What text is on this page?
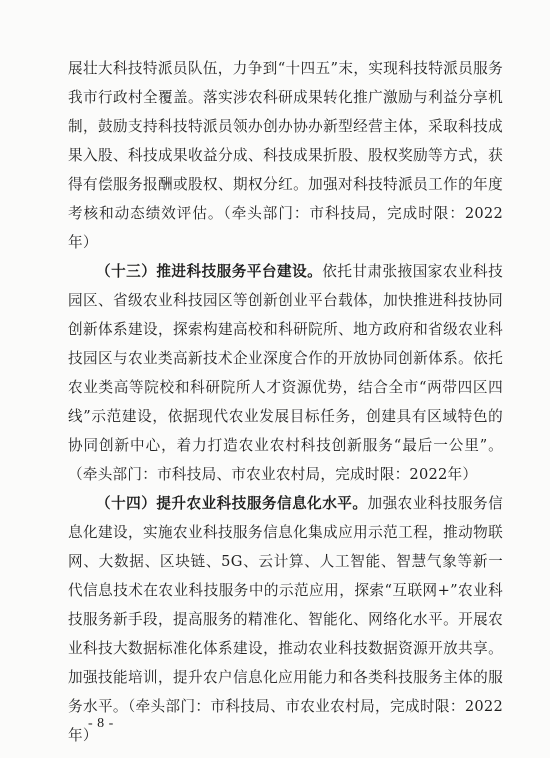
展壮大科技特派员队伍，力争到“十四五”末，实现科技特派员服务我市行政村全覆盖。落实涉农科研成果转化推广激励与利益分享机制，鼓励支持科技特派员领办创办协办新型经营主体，采取科技成果入股、科技成果收益分成、科技成果折股、股权奖励等方式，获得有偿服务报酬或股权、期权分红。加强对科技特派员工作的年度考核和动态绩效评估。（牵头部门：市科技局，完成时限：2022年）

（十三）推进科技服务平台建设。依托甘肃张掖国家农业科技园区、省级农业科技园区等创新创业平台载体，加快推进科技协同创新体系建设，探索构建高校和科研院所、地方政府和省级农业科技园区与农业类高新技术企业深度合作的开放协同创新体系。依托农业类高等院校和科研院所人才资源优势，结合全市“两带四区四线”示范建设，依据现代农业发展目标任务，创建具有区域特色的协同创新中心，着力打造农业农村科技创新服务“最后一公里”。（牵头部门：市科技局、市农业农村局，完成时限：2022年）

（十四）提升农业科技服务信息化水平。加强农业科技服务信息化建设，实施农业科技服务信息化集成应用示范工程，推动物联网、大数据、区块链、5G、云计算、人工智能、智慧气象等新一代信息技术在农业科技服务中的示范应用，探索“互联网+”农业科技服务新手段，提高服务的精准化、智能化、网络化水平。开展农业科技大数据标准化体系建设，推动农业科技数据资源开放共享。加强技能培训，提升农户信息化应用能力和各类科技服务主体的服务水平。（牵头部门：市科技局、市农业农村局，完成时限：2022年）

- 8 -
